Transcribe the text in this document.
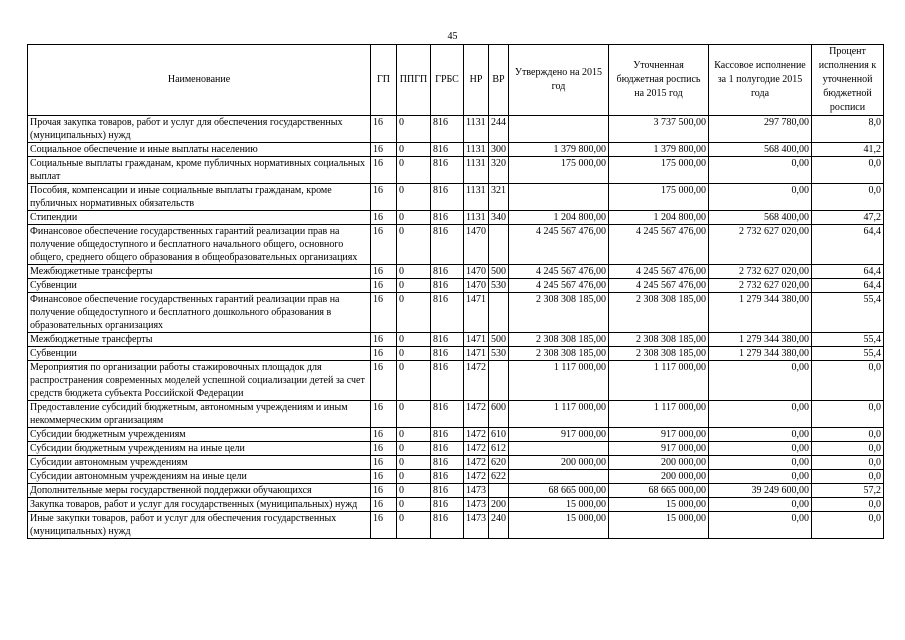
45
Наименование	ГП	ППГП	ГРБС	НР	ВР	Утверждено на 2015 год	Уточненная бюджетная роспись на 2015 год	Кассовое исполнение за 1 полугодие 2015 года	Процент исполнения к уточненной бюджетной росписи
Прочая закупка товаров, работ и услуг для обеспечения государственных (муниципальных) нужд	16	0	816	1131	244		3 737 500,00	297 780,00	8,0
Социальное обеспечение и иные выплаты населению	16	0	816	1131	300	1 379 800,00	1 379 800,00	568 400,00	41,2
Социальные выплаты гражданам, кроме публичных нормативных социальных выплат	16	0	816	1131	320	175 000,00	175 000,00	0,00	0,0
Пособия, компенсации и иные социальные выплаты гражданам, кроме публичных нормативных обязательств	16	0	816	1131	321		175 000,00	0,00	0,0
Стипендии	16	0	816	1131	340	1 204 800,00	1 204 800,00	568 400,00	47,2
Финансовое обеспечение государственных гарантий реализации прав на получение общедоступного и бесплатного начального общего, основного общего, среднего общего образования в общеобразовательных организациях	16	0	816	1470		4 245 567 476,00	4 245 567 476,00	2 732 627 020,00	64,4
Межбюджетные трансферты	16	0	816	1470	500	4 245 567 476,00	4 245 567 476,00	2 732 627 020,00	64,4
Субвенции	16	0	816	1470	530	4 245 567 476,00	4 245 567 476,00	2 732 627 020,00	64,4
Финансовое обеспечение государственных гарантий реализации прав на получение общедоступного и бесплатного дошкольного образования в образовательных организациях	16	0	816	1471		2 308 308 185,00	2 308 308 185,00	1 279 344 380,00	55,4
Межбюджетные трансферты	16	0	816	1471	500	2 308 308 185,00	2 308 308 185,00	1 279 344 380,00	55,4
Субвенции	16	0	816	1471	530	2 308 308 185,00	2 308 308 185,00	1 279 344 380,00	55,4
Мероприятия по организации работы стажировочных площадок для распространения современных моделей успешной социализации детей за счет средств бюджета субъекта Российской Федерации	16	0	816	1472		1 117 000,00	1 117 000,00	0,00	0,0
Предоставление субсидий бюджетным, автономным учреждениям и иным некоммерческим организациям	16	0	816	1472	600	1 117 000,00	1 117 000,00	0,00	0,0
Субсидии бюджетным учреждениям	16	0	816	1472	610	917 000,00	917 000,00	0,00	0,0
Субсидии бюджетным учреждениям на иные цели	16	0	816	1472	612		917 000,00	0,00	0,0
Субсидии автономным учреждениям	16	0	816	1472	620	200 000,00	200 000,00	0,00	0,0
Субсидии автономным учреждениям на иные цели	16	0	816	1472	622		200 000,00	0,00	0,0
Дополнительные меры государственной поддержки обучающихся	16	0	816	1473		68 665 000,00	68 665 000,00	39 249 600,00	57,2
Закупка товаров, работ и услуг для государственных (муниципальных) нужд	16	0	816	1473	200	15 000,00	15 000,00	0,00	0,0
Иные закупки товаров, работ и услуг для обеспечения государственных (муниципальных) нужд	16	0	816	1473	240	15 000,00	15 000,00	0,00	0,0
